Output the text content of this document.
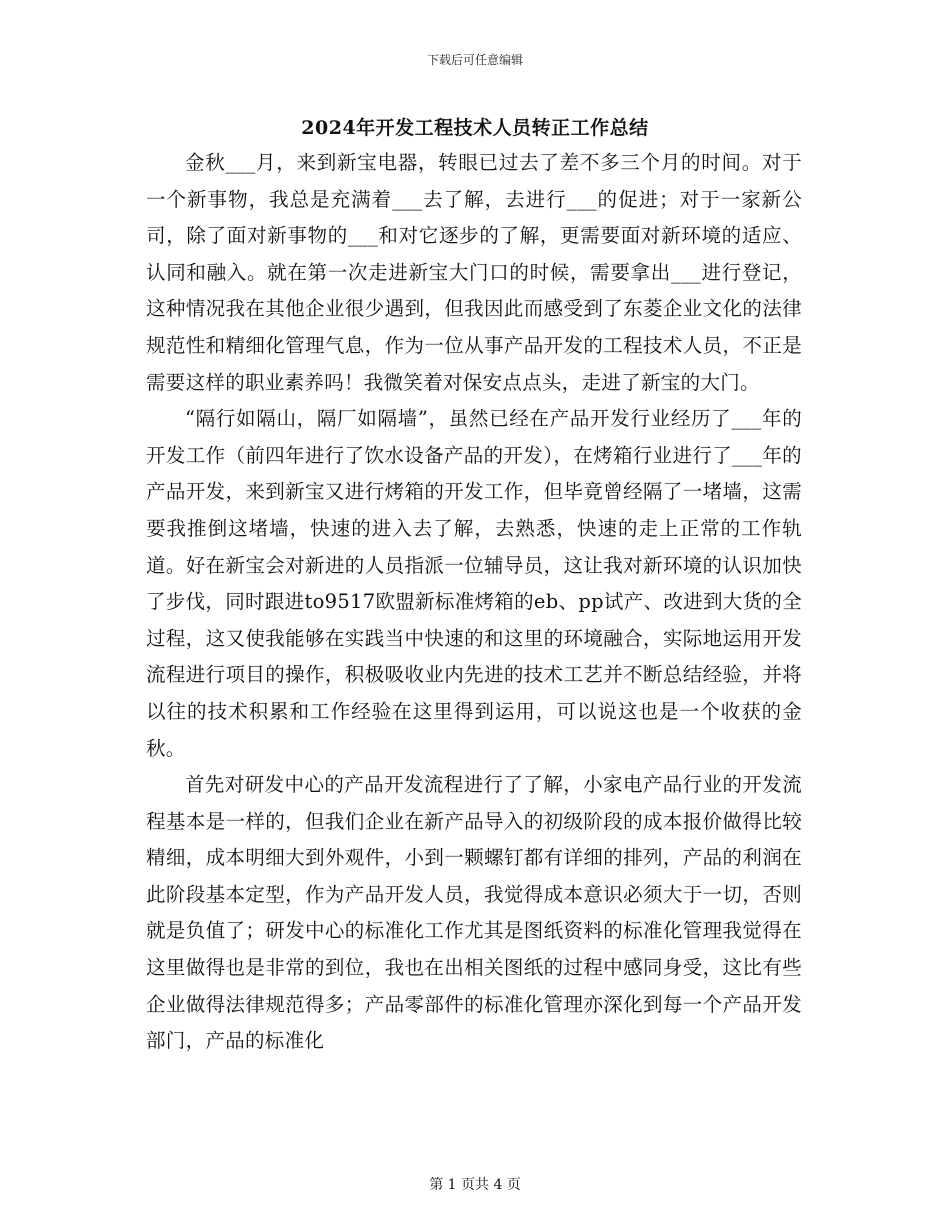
下载后可任意编辑
2024年开发工程技术人员转正工作总结

金秋___月，来到新宝电器，转眼已过去了差不多三个月的时间。对于一个新事物，我总是充满着___去了解，去进行___的促进；对于一家新公司，除了面对新事物的___和对它逐步的了解，更需要面对新环境的适应、认同和融入。就在第一次走进新宝大门口的时候，需要拿出___进行登记，这种情况我在其他企业很少遇到，但我因此而感受到了东菱企业文化的法律规范性和精细化管理气息，作为一位从事产品开发的工程技术人员，不正是需要这样的职业素养吗！我微笑着对保安点点头，走进了新宝的大门。

“隔行如隔山，隔厂如隔墙”，虽然已经在产品开发行业经历了___年的开发工作（前四年进行了饮水设备产品的开发），在烤箱行业进行了___年的产品开发，来到新宝又进行烤箱的开发工作，但毕竟曾经隔了一堵墙，这需要我推倒这堵墙，快速的进入去了解，去熟悉，快速的走上正常的工作轨道。好在新宝会对新进的人员指派一位辅导员，这让我对新环境的认识加快了步伐，同时跟进to9517欧盟新标准烤箱的eb、pp试产、改进到大货的全过程，这又使我能够在实践当中快速的和这里的环境融合，实际地运用开发流程进行项目的操作，积极吸收业内先进的技术工艺并不断总结经验，并将以往的技术积累和工作经验在这里得到运用，可以说这也是一个收获的金秋。

首先对研发中心的产品开发流程进行了了解，小家电产品行业的开发流程基本是一样的，但我们企业在新产品导入的初级阶段的成本报价做得比较精细，成本明细大到外观件，小到一颗螺钉都有详细的排列，产品的利润在此阶段基本定型，作为产品开发人员，我觉得成本意识必须大于一切，否则就是负值了；研发中心的标准化工作尤其是图纸资料的标准化管理我觉得在这里做得也是非常的到位，我也在出相关图纸的过程中感同身受，这比有些企业做得法律规范得多；产品零部件的标准化管理亦深化到每一个产品开发部门，产品的标准化

第 1 页共 4 页
